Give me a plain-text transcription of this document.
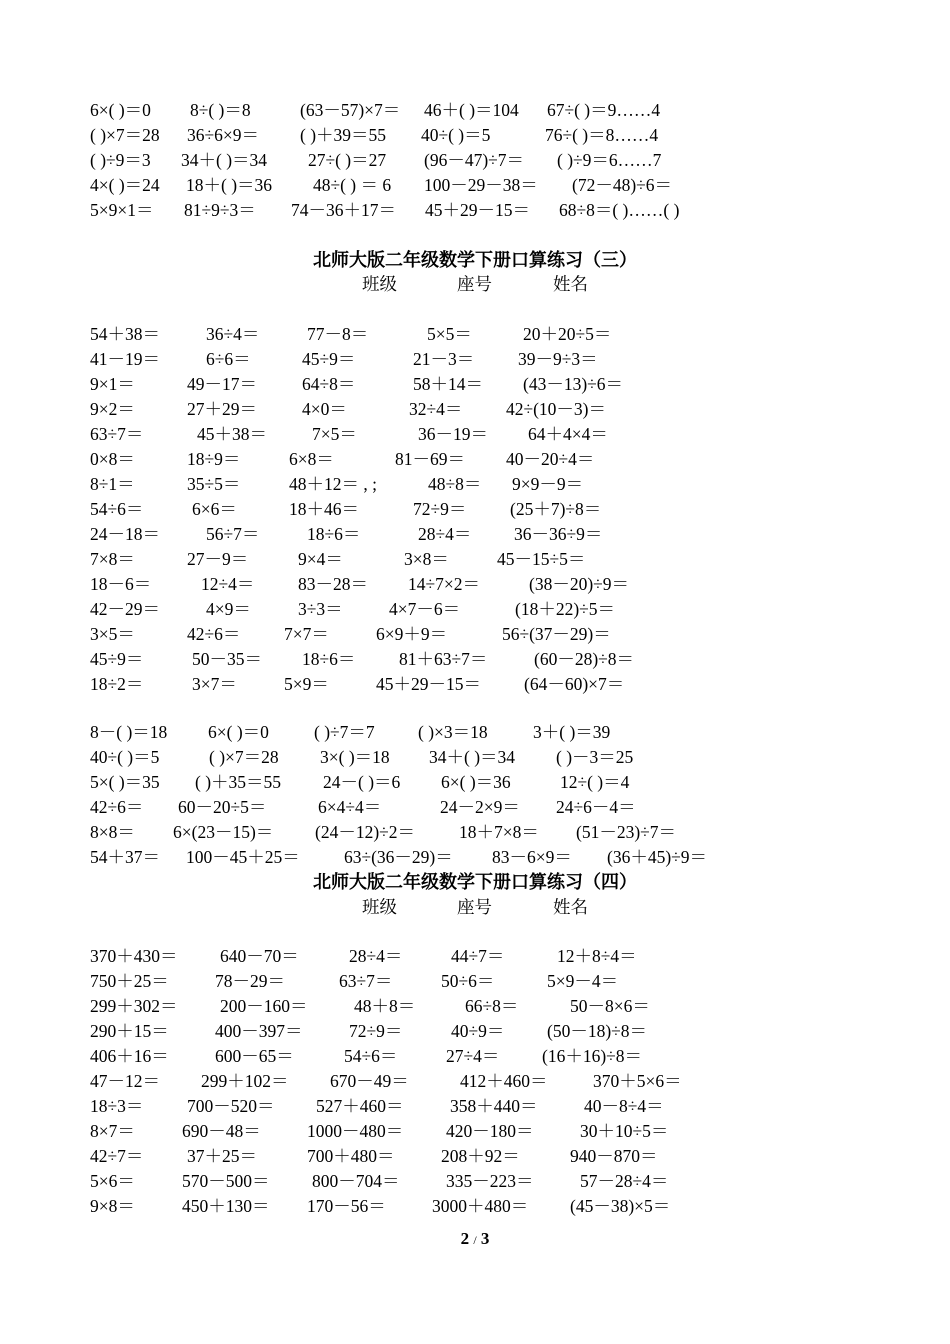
6×( )＝0 8÷( )＝8	(63－57)×7＝ 46＋( )＝104 67÷( )＝9……4
( )×7＝28 36÷6×9＝ ( )＋39＝55 40÷( )＝5	76÷( )＝8……4
( )÷9＝3 34＋( )＝34 27÷( )＝27 (96－47)÷7＝ ( )÷9＝6……7
4×( )＝24 18＋( )＝36 48÷( ) ＝ 6 100－29－38＝ (72－48)÷6＝
5×9×1＝ 81÷9÷3＝ 74－36＋17＝ 45＋29－15＝ 68÷8＝( )……( )
北师大版二年级数学下册口算练习（三）
班级	座号	姓名
54＋38＝	36÷4＝	77－8＝	5×5＝	20＋20÷5＝
41－19＝	6÷6＝	45÷9＝	21－3＝	39－9÷3＝
9×1＝	49－17＝	64÷8＝	58＋14＝ (43－13)÷6＝
9×2＝	27＋29＝	4×0＝	32÷4＝ 42÷(10－3)＝
63÷7＝	45＋38＝	7×5＝	36－19＝ 64＋4×4＝
0×8＝	18÷9＝	6×8＝	81－69＝ 40－20÷4＝
8÷1＝	35÷5＝	48＋12＝ , ;	48÷8＝ 9×9－9＝
54÷6＝	6×6＝	18＋46＝	72÷9＝ (25＋7)÷8＝
24－18＝	56÷7＝	18÷6＝	28÷4＝ 36－36÷9＝
7×8＝	27－9＝	9×4＝	3×8＝	45－15÷5＝
18－6＝	12÷4＝ 83－28＝ 14÷7×2＝	(38－20)÷9＝
42－29＝	4×9＝	3÷3＝	4×7－6＝	(18＋22)÷5＝
3×5＝	42÷6＝ 7×7＝	6×9＋9＝	56÷(37－29)＝
45÷9＝	50－35＝ 18÷6＝ 81＋63÷7＝	(60－28)÷8＝
18÷2＝	3×7＝	5×9＝	45＋29－15＝ (64－60)×7＝
8－( )＝18 6×( )＝0	( )÷7＝7 ( )×3＝18	3＋( )＝39
40÷( )＝5	( )×7＝28 3×( )＝18 34＋( )＝34 ( )－3＝25
5×( )＝35 ( )＋35＝55 24－( )＝6 6×( )＝36	12÷( )＝4
42÷6＝ 60－20÷5＝	6×4÷4＝	24－2×9＝ 24÷6－4＝
8×8＝ 6×(23－15)＝ (24－12)÷2＝	18＋7×8＝ (51－23)÷7＝
54＋37＝ 100－45＋25＝	63÷(36－29)＝ 83－6×9＝ (36＋45)÷9＝
北师大版二年级数学下册口算练习（四）
班级	座号	姓名
370＋430＝ 640－70＝	28÷4＝	44÷7＝	12＋8÷4＝
750＋25＝	78－29＝	63÷7＝	50÷6＝	5×9－4＝
299＋302＝ 200－160＝	48＋8＝	66÷8＝	50－8×6＝
290＋15＝	400－397＝	72÷9＝	40÷9＝ (50－18)÷8＝
406＋16＝	600－65＝	54÷6＝	27÷4＝ (16＋16)÷8＝
47－12＝ 299＋102＝ 670－49＝	412＋460＝	370＋5×6＝
18÷3＝ 700－520＝ 527＋460＝	358＋440＝	40－8÷4＝
8×7＝	690－48＝	1000－480＝ 420－180＝	30＋10÷5＝
42÷7＝ 37＋25＝	700＋480＝	208＋92＝	940－870＝
5×6＝	570－500＝ 800－704＝	335－223＝	57－28÷4＝
9×8＝	450＋130＝ 170－56＝	3000＋480＝ (45－38)×5＝
2 / 3
